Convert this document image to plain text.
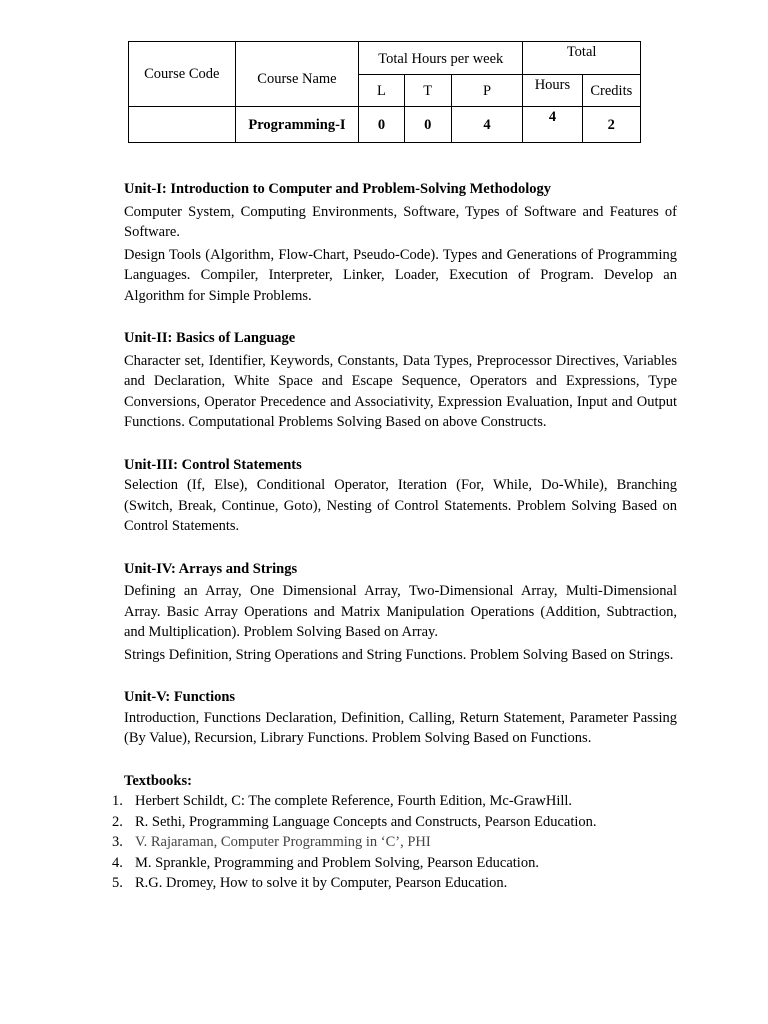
Course Code	Course Name	Total Hours per week			Total	
		L	T	P	Hours	Credits
	Programming-I	0	0	4	4	2

Unit-I: Introduction to Computer and Problem-Solving Methodology

Computer System, Computing Environments, Software, Types of Software and Features of Software.

Design Tools (Algorithm, Flow-Chart, Pseudo-Code). Types and Generations of Programming Languages. Compiler, Interpreter, Linker, Loader, Execution of Program. Develop an Algorithm for Simple Problems.

Unit-II: Basics of Language

Character set, Identifier, Keywords, Constants, Data Types, Preprocessor Directives, Variables and Declaration, White Space and Escape Sequence, Operators and Expressions, Type Conversions, Operator Precedence and Associativity, Expression Evaluation, Input and Output Functions. Computational Problems Solving Based on above Constructs.

Unit-III: Control Statements

Selection (If, Else), Conditional Operator, Iteration (For, While, Do-While), Branching (Switch, Break, Continue, Goto), Nesting of Control Statements. Problem Solving Based on Control Statements.

Unit-IV: Arrays and Strings

Defining an Array, One Dimensional Array, Two-Dimensional Array, Multi-Dimensional Array. Basic Array Operations and Matrix Manipulation Operations (Addition, Subtraction, and Multiplication). Problem Solving Based on Array.

Strings Definition, String Operations and String Functions. Problem Solving Based on Strings.

Unit-V: Functions

Introduction, Functions Declaration, Definition, Calling, Return Statement, Parameter Passing (By Value), Recursion, Library Functions. Problem Solving Based on Functions.

Textbooks:

1. Herbert Schildt, C: The complete Reference, Fourth Edition, Mc-GrawHill.
2. R. Sethi, Programming Language Concepts and Constructs, Pearson Education.
3. V. Rajaraman, Computer Programming in ‘C’, PHI
4. M. Sprankle, Programming and Problem Solving, Pearson Education.
5. R.G. Dromey, How to solve it by Computer, Pearson Education.
